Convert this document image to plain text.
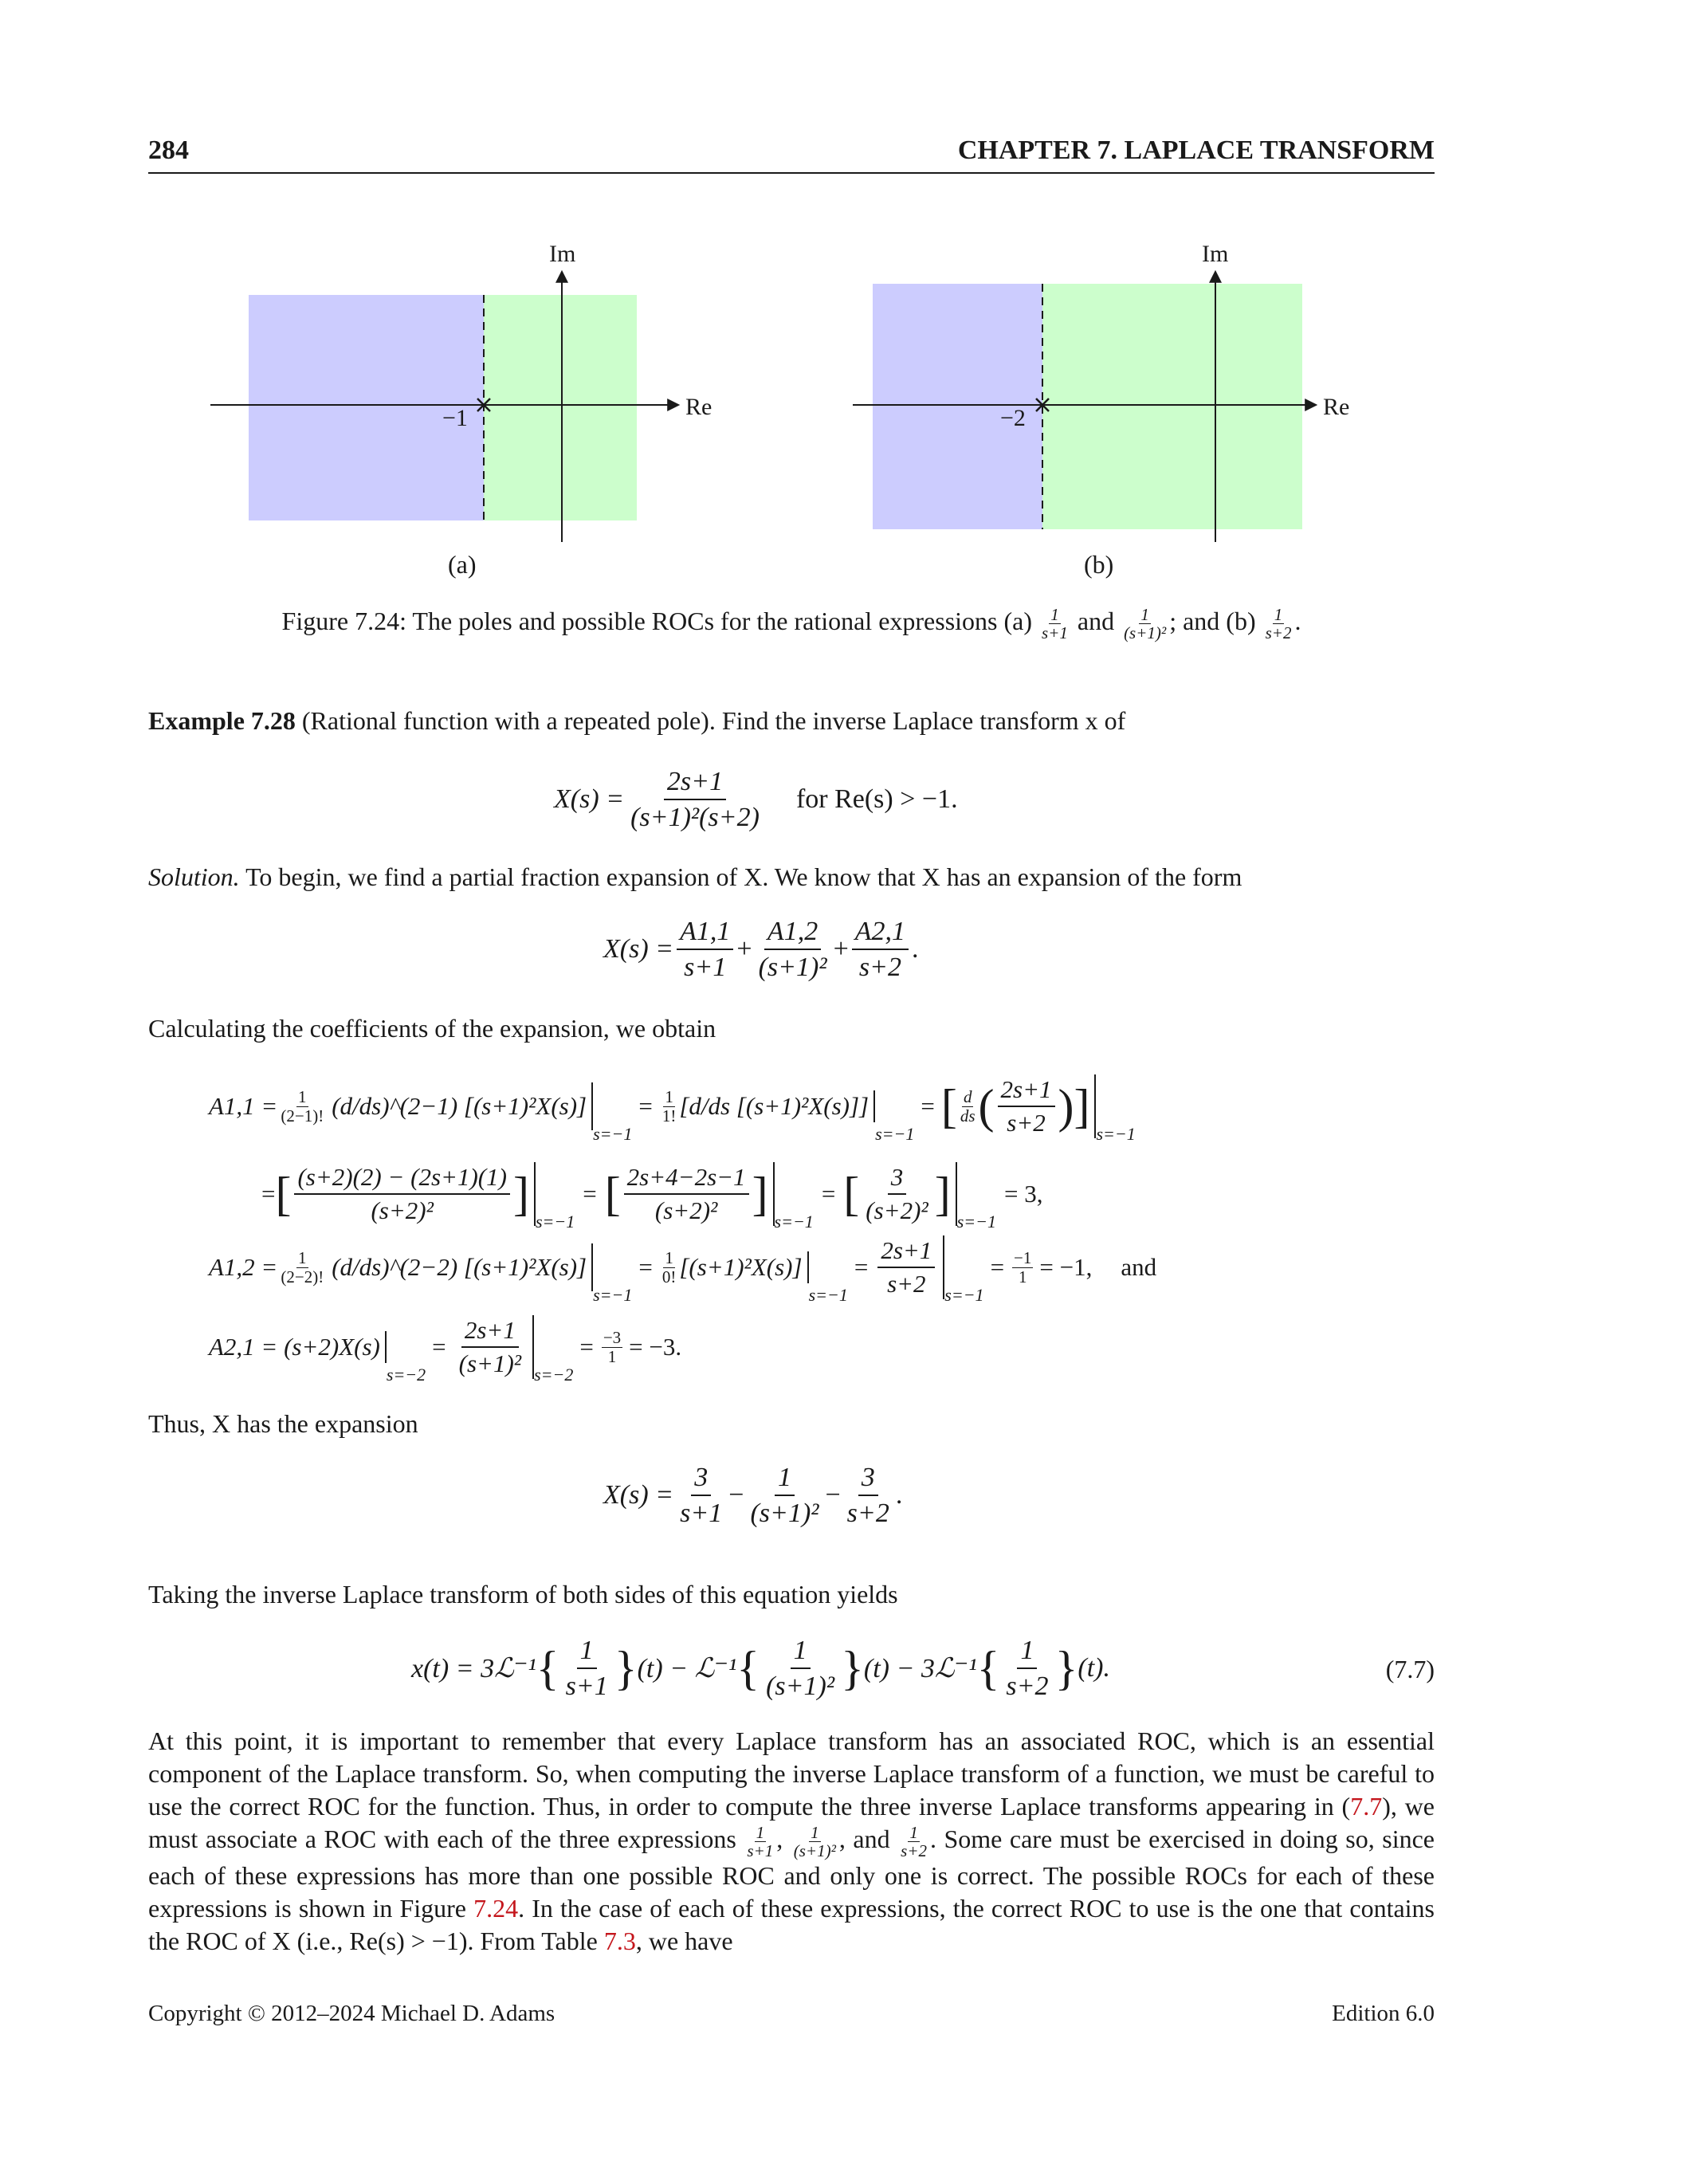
284	CHAPTER 7. LAPLACE TRANSFORM
−1
Im
Re
(a)
−2
Im
Re
(b)
Figure 7.24: The poles and possible ROCs for the rational expressions $(a) \frac{1}{s+1}$ and $\frac{1}{\text{(s+1)²}}$ ; and $(b) \frac{1}{s+2}$ .
Example 7.28 (Rational function with a repeated pole). Find the inverse Laplace transform x of
$X(s) = \frac{2s+1}{\text{(s+1)²(s+2)}}$ for Re(s) > −1.
Solution. To begin, we find a partial fraction expansion of X. We know that X has an expansion of the form
$X(s) = \frac{A1,1}{s+1} + \frac{A1,2}{\text{(s+1)²}} + \frac{A2,1}{s+2}$ .
Calculating the coefficients of the expansion, we obtain
$A1,1 = \frac{1}{(2-1)!}$ (d/ds)^(2−1) [(s+1)²X(s)]
s=−1
= $\frac{1}{1!} [d/ds$ [(s+1)²X(s)]]
s=−1
= [ d
ds ( $\frac{2s+1}{s+2}$ ) ]
s=−1
= [ $\frac{(s+2)(2) - (2s+1)(1)}{\text{(s+2)²}}$ ]
s=−1
= [ $\frac{2s+4-2s-1}{\text{(s+2)²}}$ ]
s=−1
= [ $\frac{3}{\text{(s+2)²}}$ ]
s=−1
= 3,
$A1,2 = \frac{1}{(2-2)!}$ (d/ds)^(2−2) [(s+1)²X(s)]
s=−1
= $\frac{1}{0!} [(s+1)^2X(s)]$
s=−1
= $\frac{2s+1}{s+2} s=-1$
= $\frac{-1}{1} = -1$, and
A2,1 = (s+2)X(s)
s=−2
= $\frac{2s+1}{\text{(s+1)²}} s=-2$
= $\frac{-3}{1} = -3$.
Thus, X has the expansion
$X(s) = \frac{3}{s+1} - \frac{1}{\text{(s+1)²}} - \frac{3}{s+2}$ .
Taking the inverse Laplace transform of both sides of this equation yields
x(t) = 3ℒ⁻¹ { $\frac{1}{s+1}$ } (t) − ℒ⁻¹ { $\frac{1}{\text{(s+1)²}}$ } (t) − 3ℒ⁻¹ { $\frac{1}{s+2}$ } (t).	(7.7)
At this point, it is important to remember that every Laplace transform has an associated ROC, which is an essential component of the Laplace transform. So, when computing the inverse Laplace transform of a function, we must be careful to use the correct ROC for the function. Thus, in order to compute the three inverse Laplace transforms appearing in (7.7), we must associate a ROC with each of the three expressions $\frac{1}{s+1}$ , $\frac{1}{\text{(s+1)²}}$ , and $\frac{1}{s+2}$ . Some care must be exercised in doing so, since each of these expressions has more than one possible ROC and only one is correct. The possible ROCs for each of these expressions is shown in Figure 7.24. In the case of each of these expressions, the correct ROC to use is the one that contains the ROC of X (i.e., Re(s) > −1). From Table 7.3, we have
Copyright © 2012–2024 Michael D. Adams	Edition 6.0
